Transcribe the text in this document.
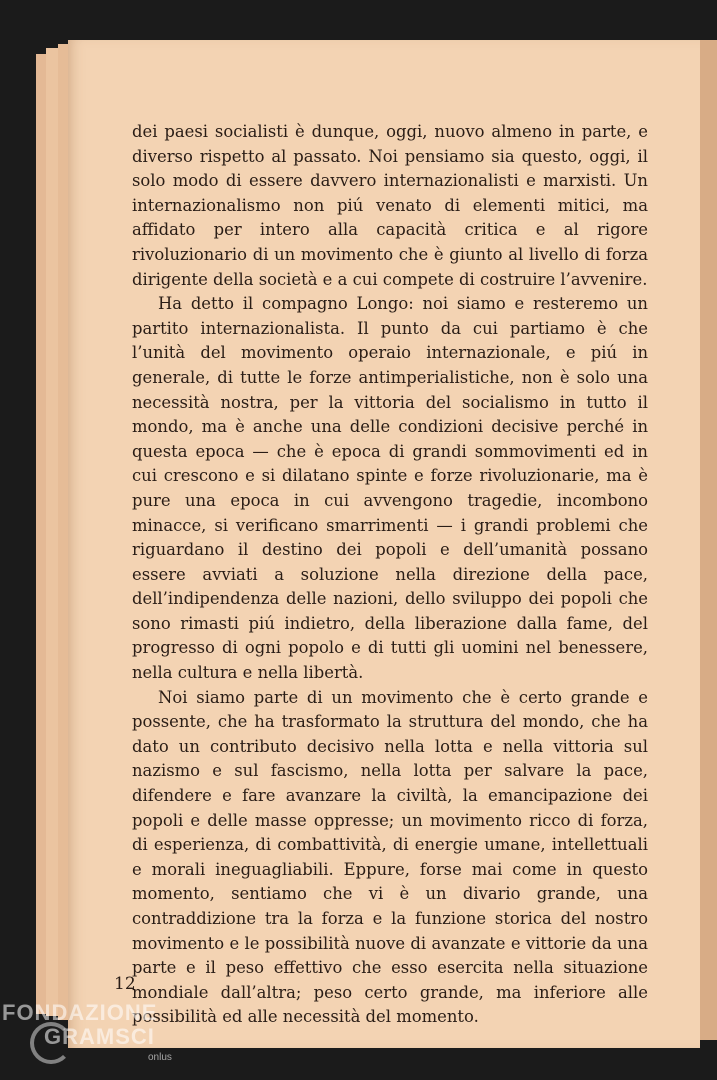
dei paesi socialisti è dunque, oggi, nuovo almeno in parte, e diverso rispetto al passato. Noi pensiamo sia questo, oggi, il solo modo di essere davvero internazionalisti e marxisti. Un internazionalismo non piú venato di elementi mitici, ma affidato per intero alla capacità critica e al rigore rivoluzionario di un movimento che è giunto al livello di forza dirigente della società e a cui compete di costruire l’avvenire.

Ha detto il compagno Longo: noi siamo e resteremo un partito internazionalista. Il punto da cui partiamo è che l’unità del movimento operaio internazionale, e piú in generale, di tutte le forze antimperialistiche, non è solo una necessità nostra, per la vittoria del socialismo in tutto il mondo, ma è anche una delle condizioni decisive perché in questa epoca — che è epoca di grandi sommovimenti ed in cui crescono e si dilatano spinte e forze rivoluzionarie, ma è pure una epoca in cui avvengono tragedie, incombono minacce, si verificano smarrimenti — i grandi problemi che riguardano il destino dei popoli e dell’umanità possano essere avviati a soluzione nella direzione della pace, dell’indipendenza delle nazioni, dello sviluppo dei popoli che sono rimasti piú indietro, della liberazione dalla fame, del progresso di ogni popolo e di tutti gli uomini nel benessere, nella cultura e nella libertà.

Noi siamo parte di un movimento che è certo grande e possente, che ha trasformato la struttura del mondo, che ha dato un contributo decisivo nella lotta e nella vittoria sul nazismo e sul fascismo, nella lotta per salvare la pace, difendere e fare avanzare la civiltà, la emancipazione dei popoli e delle masse oppresse; un movimento ricco di forza, di esperienza, di combattività, di energie umane, intellettuali e morali ineguagliabili. Eppure, forse mai come in questo momento, sentiamo che vi è un divario grande, una contraddizione tra la forza e la funzione storica del nostro movimento e le possibilità nuove di avanzate e vittorie da una parte e il peso effettivo che esso esercita nella situazione mondiale dall’altra; peso certo grande, ma inferiore alle possibilità ed alle necessità del momento.

12
FONDAZIONE
GRAMSCI
onlus
